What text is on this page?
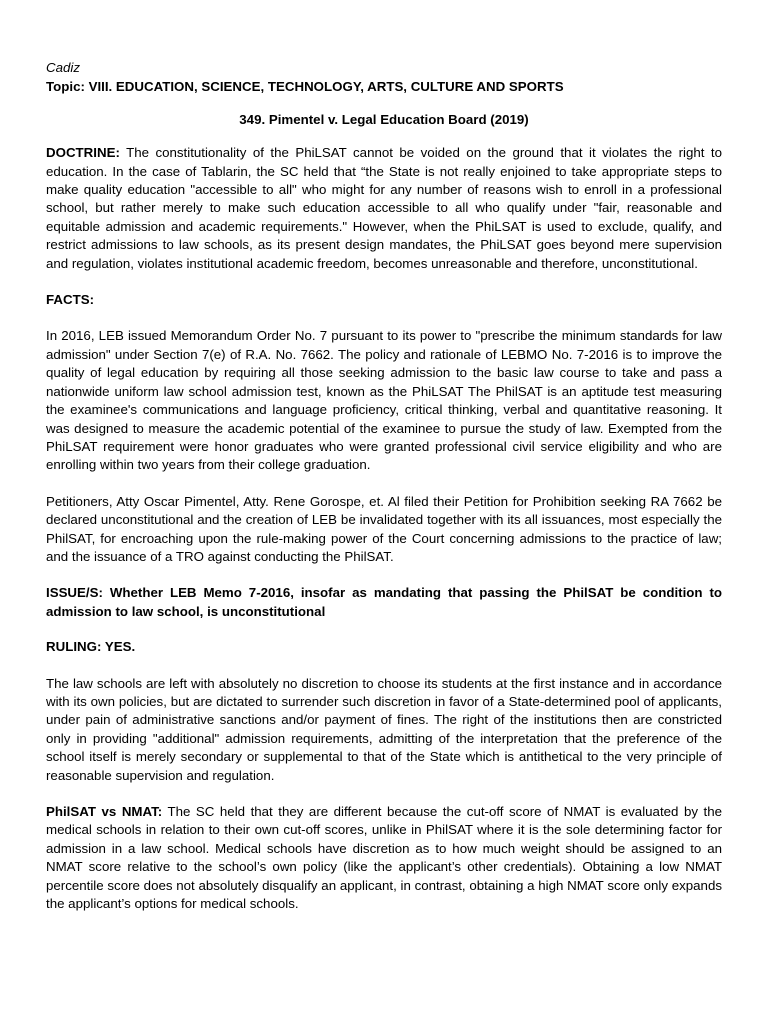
Cadiz

Topic: VIII. EDUCATION, SCIENCE, TECHNOLOGY, ARTS, CULTURE AND SPORTS

349. Pimentel v. Legal Education Board (2019)

DOCTRINE: The constitutionality of the PhiLSAT cannot be voided on the ground that it violates the right to education. In the case of Tablarin, the SC held that “the State is not really enjoined to take appropriate steps to make quality education "accessible to all" who might for any number of reasons wish to enroll in a professional school, but rather merely to make such education accessible to all who qualify under "fair, reasonable and equitable admission and academic requirements." However, when the PhiLSAT is used to exclude, qualify, and restrict admissions to law schools, as its present design mandates, the PhiLSAT goes beyond mere supervision and regulation, violates institutional academic freedom, becomes unreasonable and therefore, unconstitutional.

FACTS:

In 2016, LEB issued Memorandum Order No. 7 pursuant to its power to "prescribe the minimum standards for law admission" under Section 7(e) of R.A. No. 7662. The policy and rationale of LEBMO No. 7-2016 is to improve the quality of legal education by requiring all those seeking admission to the basic law course to take and pass a nationwide uniform law school admission test, known as the PhiLSAT The PhilSAT is an aptitude test measuring the examinee's communications and language proficiency, critical thinking, verbal and quantitative reasoning. It was designed to measure the academic potential of the examinee to pursue the study of law. Exempted from the PhiLSAT requirement were honor graduates who were granted professional civil service eligibility and who are enrolling within two years from their college graduation.

Petitioners, Atty Oscar Pimentel, Atty. Rene Gorospe, et. Al filed their Petition for Prohibition seeking RA 7662 be declared unconstitutional and the creation of LEB be invalidated together with its all issuances, most especially the PhilSAT, for encroaching upon the rule-making power of the Court concerning admissions to the practice of law; and the issuance of a TRO against conducting the PhilSAT.

ISSUE/S: Whether LEB Memo 7-2016, insofar as mandating that passing the PhilSAT be condition to admission to law school, is unconstitutional

RULING: YES.

The law schools are left with absolutely no discretion to choose its students at the first instance and in accordance with its own policies, but are dictated to surrender such discretion in favor of a State-determined pool of applicants, under pain of administrative sanctions and/or payment of fines. The right of the institutions then are constricted only in providing "additional" admission requirements, admitting of the interpretation that the preference of the school itself is merely secondary or supplemental to that of the State which is antithetical to the very principle of reasonable supervision and regulation.

PhilSAT vs NMAT: The SC held that they are different because the cut-off score of NMAT is evaluated by the medical schools in relation to their own cut-off scores, unlike in PhilSAT where it is the sole determining factor for admission in a law school. Medical schools have discretion as to how much weight should be assigned to an NMAT score relative to the school’s own policy (like the applicant’s other credentials). Obtaining a low NMAT percentile score does not absolutely disqualify an applicant, in contrast, obtaining a high NMAT score only expands the applicant’s options for medical schools.
